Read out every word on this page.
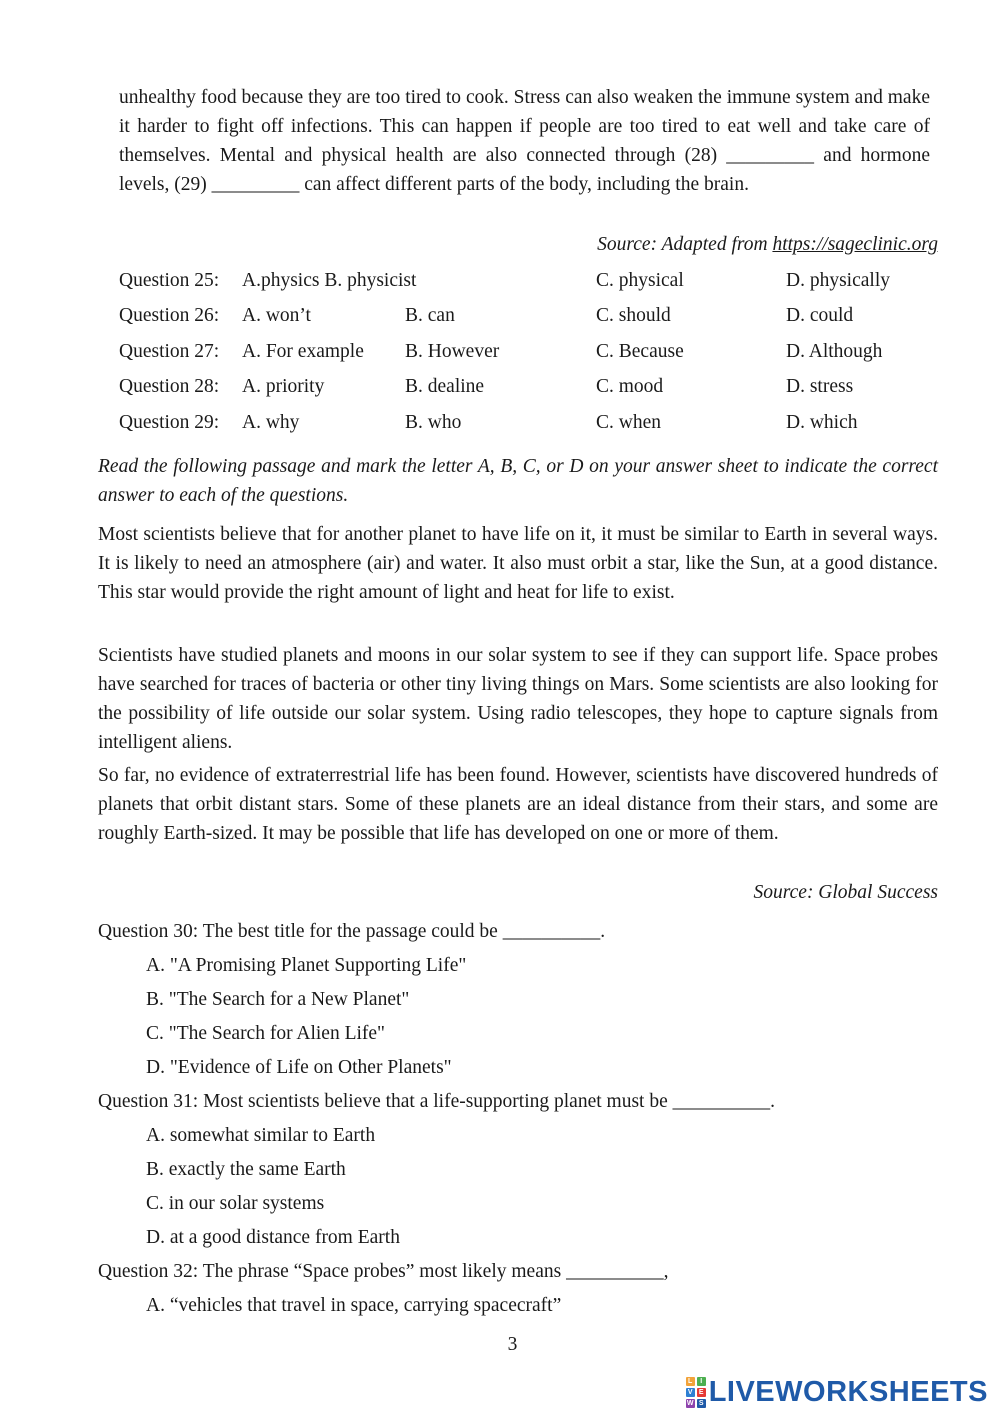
unhealthy food because they are too tired to cook. Stress can also weaken the immune system and make it harder to fight off infections. This can happen if people are too tired to eat well and take care of themselves. Mental and physical health are also connected through (28) _________ and hormone levels, (29) _________ can affect different parts of the body, including the brain.
Source: Adapted from https://sageclinic.org
Question 25: A.physics B. physicist	C. physical	D. physically
Question 26: A. won’t	B. can	C. should	D. could
Question 27: A. For example B. However	C. Because	D. Although
Question 28: A. priority	B. dealine	C. mood	D. stress
Question 29: A. why	B. who	C. when	D. which
Read the following passage and mark the letter A, B, C, or D on your answer sheet to indicate the correct answer to each of the questions.
Most scientists believe that for another planet to have life on it, it must be similar to Earth in several ways. It is likely to need an atmosphere (air) and water. It also must orbit a star, like the Sun, at a good distance. This star would provide the right amount of light and heat for life to exist.
Scientists have studied planets and moons in our solar system to see if they can support life. Space probes have searched for traces of bacteria or other tiny living things on Mars. Some scientists are also looking for the possibility of life outside our solar system. Using radio telescopes, they hope to capture signals from intelligent aliens.
So far, no evidence of extraterrestrial life has been found. However, scientists have discovered hundreds of planets that orbit distant stars. Some of these planets are an ideal distance from their stars, and some are roughly Earth-sized. It may be possible that life has developed on one or more of them.
Source: Global Success
Question 30: The best title for the passage could be __________.
A. "A Promising Planet Supporting Life"
B. "The Search for a New Planet"
C. "The Search for Alien Life"
D. "Evidence of Life on Other Planets"
Question 31: Most scientists believe that a life-supporting planet must be __________.
A. somewhat similar to Earth
B. exactly the same Earth
C. in our solar systems
D. at a good distance from Earth
Question 32: The phrase “Space probes” most likely means __________,
A. “vehicles that travel in space, carrying spacecraft”
3
L	I
V E
W S LIVEWORKSHEETS
